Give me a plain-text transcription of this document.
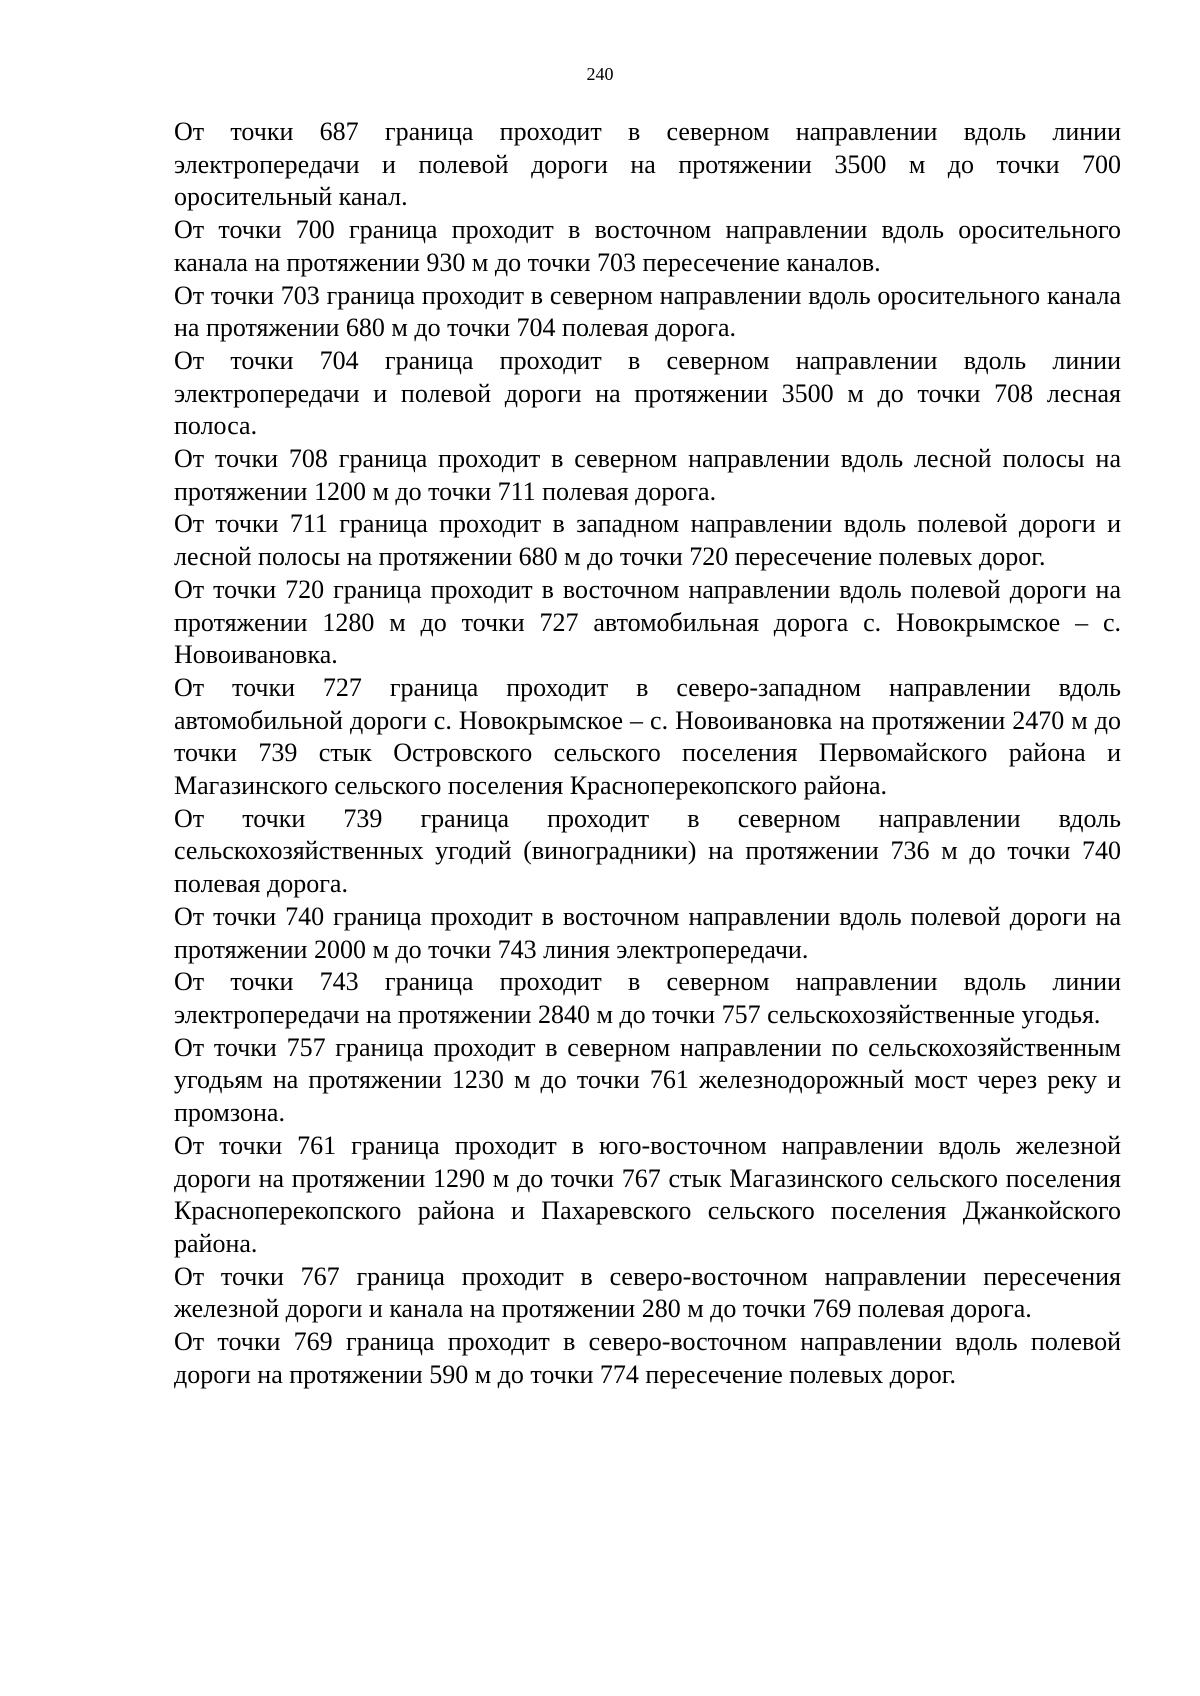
240

От точки 687 граница проходит в северном направлении вдоль линии электропередачи и полевой дороги на протяжении 3500 м до точки 700 оросительный канал.

От точки 700 граница проходит в восточном направлении вдоль оросительного канала на протяжении 930 м до точки 703 пересечение каналов.

От точки 703 граница проходит в северном направлении вдоль оросительного канала на протяжении 680 м до точки 704 полевая дорога.

От точки 704 граница проходит в северном направлении вдоль линии электропередачи и полевой дороги на протяжении 3500 м до точки 708 лесная полоса.

От точки 708 граница проходит в северном направлении вдоль лесной полосы на протяжении 1200 м до точки 711 полевая дорога.

От точки 711 граница проходит в западном направлении вдоль полевой дороги и лесной полосы на протяжении 680 м до точки 720 пересечение полевых дорог.

От точки 720 граница проходит в восточном направлении вдоль полевой дороги на протяжении 1280 м до точки 727 автомобильная дорога с. Новокрымское – с. Новоивановка.

От точки 727 граница проходит в северо-западном направлении вдоль автомобильной дороги с. Новокрымское – с. Новоивановка на протяжении 2470 м до точки 739 стык Островского сельского поселения Первомайского района и Магазинского сельского поселения Красноперекопского района.

От точки 739 граница проходит в северном направлении вдоль сельскохозяйственных угодий (виноградники) на протяжении 736 м до точки 740 полевая дорога.

От точки 740 граница проходит в восточном направлении вдоль полевой дороги на протяжении 2000 м до точки 743 линия электропередачи.

От точки 743 граница проходит в северном направлении вдоль линии электропередачи на протяжении 2840 м до точки 757 сельскохозяйственные угодья.

От точки 757 граница проходит в северном направлении по сельскохозяйственным угодьям на протяжении 1230 м до точки 761 железнодорожный мост через реку и промзона.

От точки 761 граница проходит в юго-восточном направлении вдоль железной дороги на протяжении 1290 м до точки 767 стык Магазинского сельского поселения Красноперекопского района и Пахаревского сельского поселения Джанкойского района.

От точки 767 граница проходит в северо-восточном направлении пересечения железной дороги и канала на протяжении 280 м до точки 769 полевая дорога.

От точки 769 граница проходит в северо-восточном направлении вдоль полевой дороги на протяжении 590 м до точки 774 пересечение полевых дорог.
